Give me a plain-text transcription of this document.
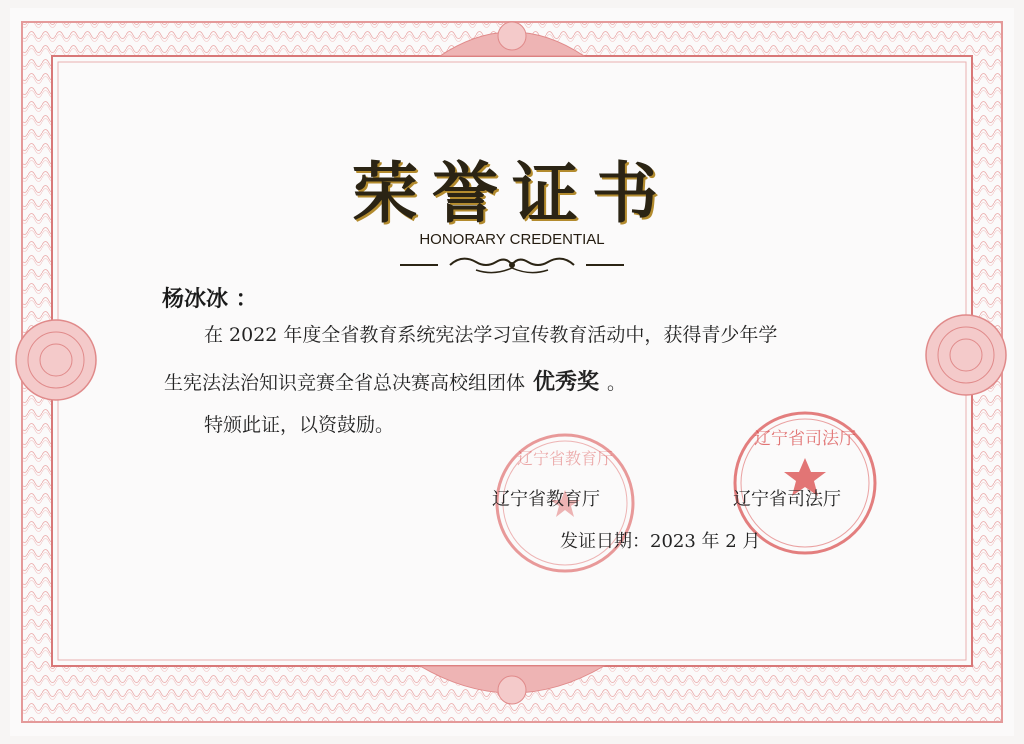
荣誉证书
HONORARY CREDENTIAL
杨冰冰 ：
在 2022 年度全省教育系统宪法学习宣传教育活动中，获得青少年学
生宪法法治知识竞赛全省总决赛高校组团体 优秀奖 。
特颁此证，以资鼓励。
辽宁省教育厅
辽宁省司法厅
辽宁省教育厅	辽宁省司法厅
发证日期：2023 年 2 月
